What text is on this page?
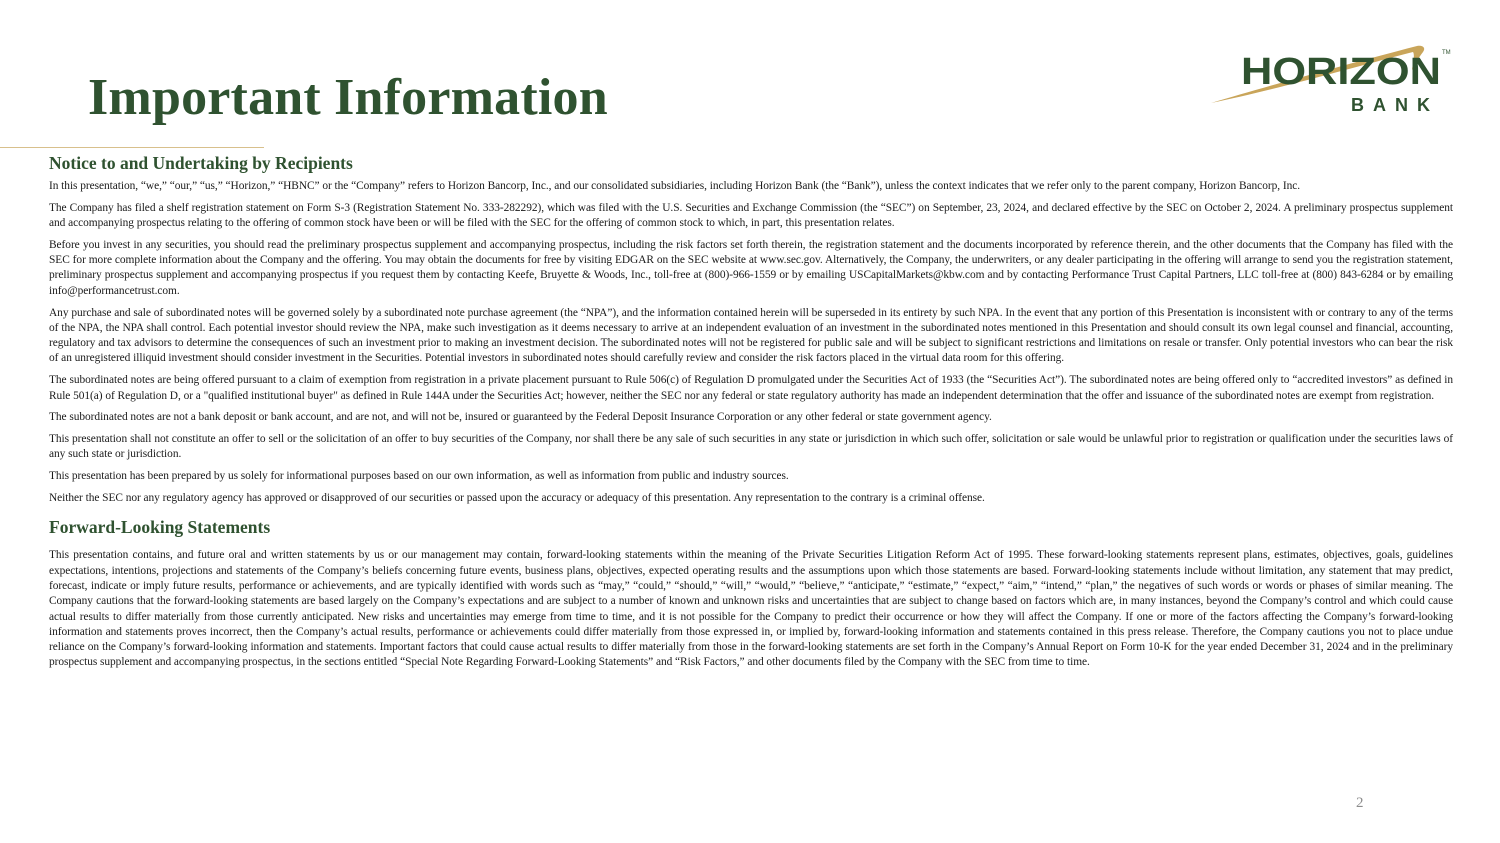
Important Information	HORIZON TM
BANK
Notice to and Undertaking by Recipients

In this presentation, “we,” “our,” “us,” “Horizon,” “HBNC” or the “Company” refers to Horizon Bancorp, Inc., and our consolidated subsidiaries, including Horizon Bank (the “Bank”), unless the context indicates that we refer only to the parent company, Horizon Bancorp, Inc.

The Company has filed a shelf registration statement on Form S-3 (Registration Statement No. 333-282292), which was filed with the U.S. Securities and Exchange Commission (the “SEC”) on September, 23, 2024, and declared effective by the SEC on October 2, 2024. A preliminary prospectus supplement and accompanying prospectus relating to the offering of common stock have been or will be filed with the SEC for the offering of common stock to which, in part, this presentation relates.

Before you invest in any securities, you should read the preliminary prospectus supplement and accompanying prospectus, including the risk factors set forth therein, the registration statement and the documents incorporated by reference therein, and the other documents that the Company has filed with the SEC for more complete information about the Company and the offering. You may obtain the documents for free by visiting EDGAR on the SEC website at www.sec.gov. Alternatively, the Company, the underwriters, or any dealer participating in the offering will arrange to send you the registration statement, preliminary prospectus supplement and accompanying prospectus if you request them by contacting Keefe, Bruyette & Woods, Inc., toll-free at (800)-966-1559 or by emailing USCapitalMarkets@kbw.com and by contacting Performance Trust Capital Partners, LLC toll-free at (800) 843-6284 or by emailing info@performancetrust.com.

Any purchase and sale of subordinated notes will be governed solely by a subordinated note purchase agreement (the “NPA”), and the information contained herein will be superseded in its entirety by such NPA. In the event that any portion of this Presentation is inconsistent with or contrary to any of the terms of the NPA, the NPA shall control. Each potential investor should review the NPA, make such investigation as it deems necessary to arrive at an independent evaluation of an investment in the subordinated notes mentioned in this Presentation and should consult its own legal counsel and financial, accounting, regulatory and tax advisors to determine the consequences of such an investment prior to making an investment decision. The subordinated notes will not be registered for public sale and will be subject to significant restrictions and limitations on resale or transfer. Only potential investors who can bear the risk of an unregistered illiquid investment should consider investment in the Securities. Potential investors in subordinated notes should carefully review and consider the risk factors placed in the virtual data room for this offering.

The subordinated notes are being offered pursuant to a claim of exemption from registration in a private placement pursuant to Rule 506(c) of Regulation D promulgated under the Securities Act of 1933 (the “Securities Act”). The subordinated notes are being offered only to “accredited investors” as defined in Rule 501(a) of Regulation D, or a "qualified institutional buyer" as defined in Rule 144A under the Securities Act; however, neither the SEC nor any federal or state regulatory authority has made an independent determination that the offer and issuance of the subordinated notes are exempt from registration.

The subordinated notes are not a bank deposit or bank account, and are not, and will not be, insured or guaranteed by the Federal Deposit Insurance Corporation or any other federal or state government agency.

This presentation shall not constitute an offer to sell or the solicitation of an offer to buy securities of the Company, nor shall there be any sale of such securities in any state or jurisdiction in which such offer, solicitation or sale would be unlawful prior to registration or qualification under the securities laws of any such state or jurisdiction.

This presentation has been prepared by us solely for informational purposes based on our own information, as well as information from public and industry sources.

Neither the SEC nor any regulatory agency has approved or disapproved of our securities or passed upon the accuracy or adequacy of this presentation. Any representation to the contrary is a criminal offense.

Forward-Looking Statements

This presentation contains, and future oral and written statements by us or our management may contain, forward-looking statements within the meaning of the Private Securities Litigation Reform Act of 1995. These forward-looking statements represent plans, estimates, objectives, goals, guidelines expectations, intentions, projections and statements of the Company’s beliefs concerning future events, business plans, objectives, expected operating results and the assumptions upon which those statements are based. Forward-looking statements include without limitation, any statement that may predict, forecast, indicate or imply future results, performance or achievements, and are typically identified with words such as “may,” “could,” “should,” “will,” “would,” “believe,” “anticipate,” “estimate,” “expect,” “aim,” “intend,” “plan,” the negatives of such words or words or phases of similar meaning. The Company cautions that the forward-looking statements are based largely on the Company’s expectations and are subject to a number of known and unknown risks and uncertainties that are subject to change based on factors which are, in many instances, beyond the Company’s control and which could cause actual results to differ materially from those currently anticipated. New risks and uncertainties may emerge from time to time, and it is not possible for the Company to predict their occurrence or how they will affect the Company. If one or more of the factors affecting the Company’s forward-looking information and statements proves incorrect, then the Company’s actual results, performance or achievements could differ materially from those expressed in, or implied by, forward-looking information and statements contained in this press release. Therefore, the Company cautions you not to place undue reliance on the Company’s forward-looking information and statements. Important factors that could cause actual results to differ materially from those in the forward-looking statements are set forth in the Company’s Annual Report on Form 10-K for the year ended December 31, 2024 and in the preliminary prospectus supplement and accompanying prospectus, in the sections entitled “Special Note Regarding Forward-Looking Statements” and “Risk Factors,” and other documents filed by the Company with the SEC from time to time.

2
